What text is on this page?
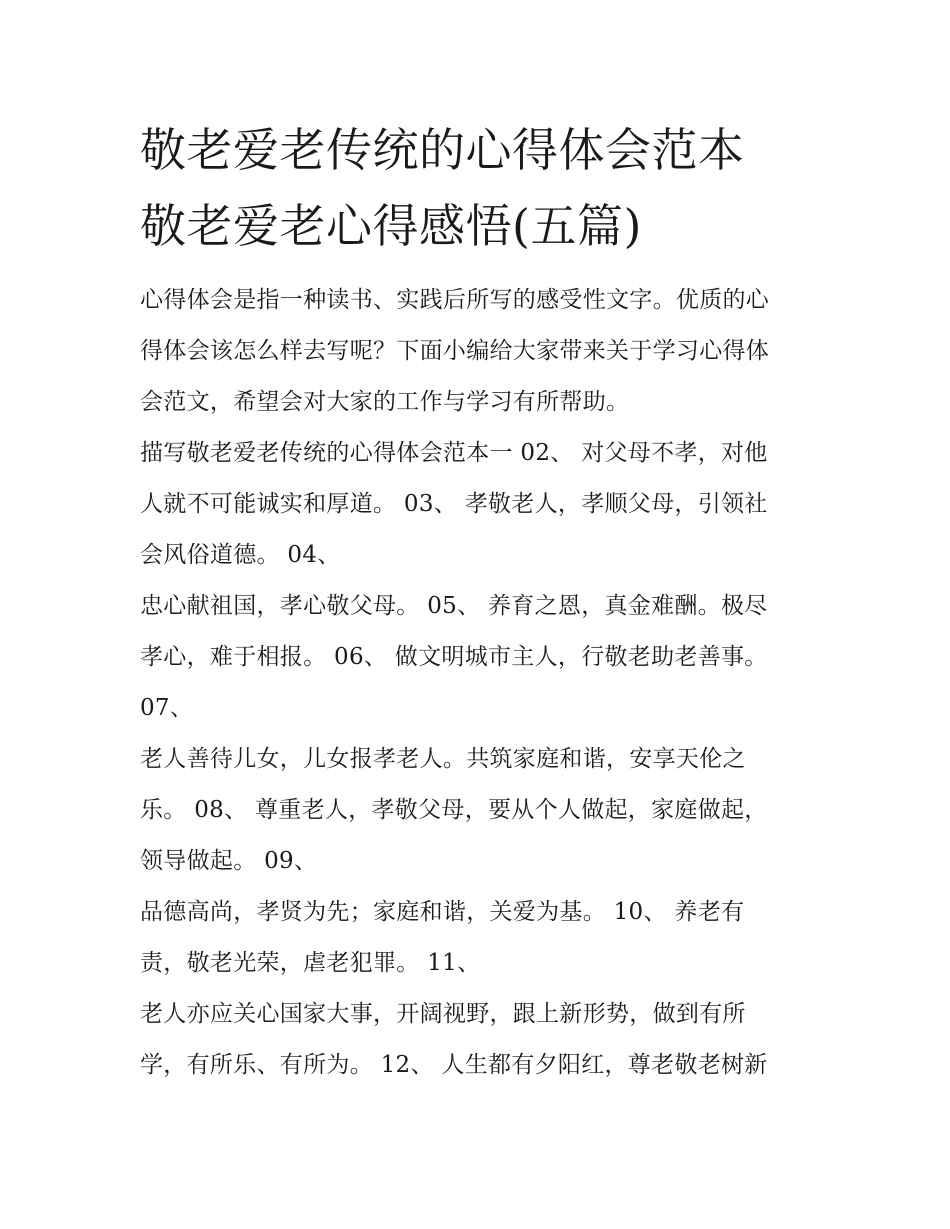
敬老爱老传统的心得体会范本
敬老爱老心得感悟(五篇)
心得体会是指一种读书、实践后所写的感受性文字。优质的心
得体会该怎么样去写呢？下面小编给大家带来关于学习心得体
会范文，希望会对大家的工作与学习有所帮助。
描写敬老爱老传统的心得体会范本一 02、 对父母不孝，对他
人就不可能诚实和厚道。 03、 孝敬老人，孝顺父母，引领社
会风俗道德。 04、
忠心献祖国，孝心敬父母。 05、 养育之恩，真金难酬。极尽
孝心，难于相报。 06、 做文明城市主人，行敬老助老善事。
07、
老人善待儿女，儿女报孝老人。共筑家庭和谐，安享天伦之
乐。 08、 尊重老人，孝敬父母，要从个人做起，家庭做起，
领导做起。 09、
品德高尚，孝贤为先；家庭和谐，关爱为基。 10、 养老有
责，敬老光荣，虐老犯罪。 11、
老人亦应关心国家大事，开阔视野，跟上新形势，做到有所
学，有所乐、有所为。 12、 人生都有夕阳红，尊老敬老树新
